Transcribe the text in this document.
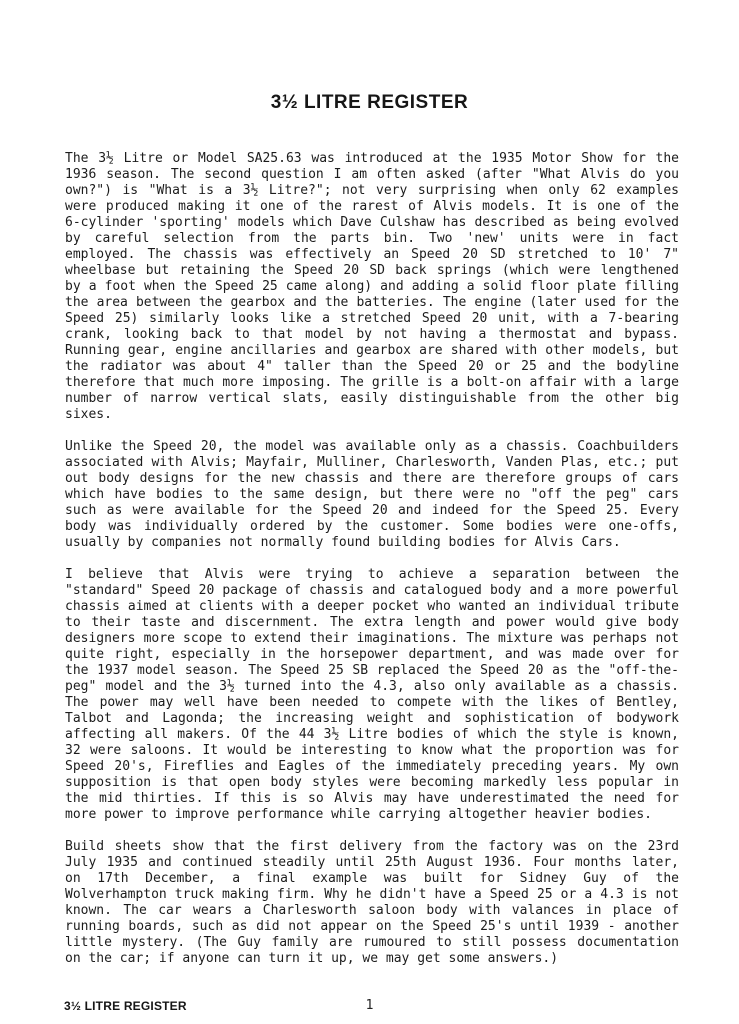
3½ LITRE REGISTER
The 3½ Litre or Model SA25.63 was introduced at the 1935 Motor Show for the
1936 season. The second question I am often asked (after "What Alvis do you
own?") is "What is a 3½ Litre?"; not very surprising when only 62 examples
were produced making it one of the rarest of Alvis models. It is one of the
6-cylinder 'sporting' models which Dave Culshaw has described as being evolved
by careful selection from the parts bin. Two 'new' units were in fact
employed. The chassis was effectively an Speed 20 SD stretched to 10' 7"
wheelbase but retaining the Speed 20 SD back springs (which were lengthened
by a foot when the Speed 25 came along) and adding a solid floor plate filling
the area between the gearbox and the batteries. The engine (later used for the
Speed 25) similarly looks like a stretched Speed 20 unit, with a 7-bearing
crank, looking back to that model by not having a thermostat and bypass.
Running gear, engine ancillaries and gearbox are shared with other models, but
the radiator was about 4" taller than the Speed 20 or 25 and the bodyline
therefore that much more imposing. The grille is a bolt-on affair with a large
number of narrow vertical slats, easily distinguishable from the other big
sixes.
Unlike the Speed 20, the model was available only as a chassis. Coachbuilders
associated with Alvis; Mayfair, Mulliner, Charlesworth, Vanden Plas, etc.; put
out body designs for the new chassis and there are therefore groups of cars
which have bodies to the same design, but there were no "off the peg" cars
such as were available for the Speed 20 and indeed for the Speed 25. Every
body was individually ordered by the customer. Some bodies were one-offs,
usually by companies not normally found building bodies for Alvis Cars.
I believe that Alvis were trying to achieve a separation between the
"standard" Speed 20 package of chassis and catalogued body and a more powerful
chassis aimed at clients with a deeper pocket who wanted an individual tribute
to their taste and discernment. The extra length and power would give body
designers more scope to extend their imaginations. The mixture was perhaps not
quite right, especially in the horsepower department, and was made over for
the 1937 model season. The Speed 25 SB replaced the Speed 20 as the "off-the-
peg" model and the 3½ turned into the 4.3, also only available as a chassis.
The power may well have been needed to compete with the likes of Bentley,
Talbot and Lagonda; the increasing weight and sophistication of bodywork
affecting all makers. Of the 44 3½ Litre bodies of which the style is known,
32 were saloons. It would be interesting to know what the proportion was for
Speed 20's, Fireflies and Eagles of the immediately preceding years. My own
supposition is that open body styles were becoming markedly less popular in
the mid thirties. If this is so Alvis may have underestimated the need for
more power to improve performance while carrying altogether heavier bodies.
Build sheets show that the first delivery from the factory was on the 23rd
July 1935 and continued steadily until 25th August 1936. Four months later,
on 17th December, a final example was built for Sidney Guy of the
Wolverhampton truck making firm. Why he didn't have a Speed 25 or a 4.3 is not
known. The car wears a Charlesworth saloon body with valances in place of
running boards, such as did not appear on the Speed 25's until 1939 - another
little mystery. (The Guy family are rumoured to still possess documentation
on the car; if anyone can turn it up, we may get some answers.)
3½ LITRE REGISTER	1
